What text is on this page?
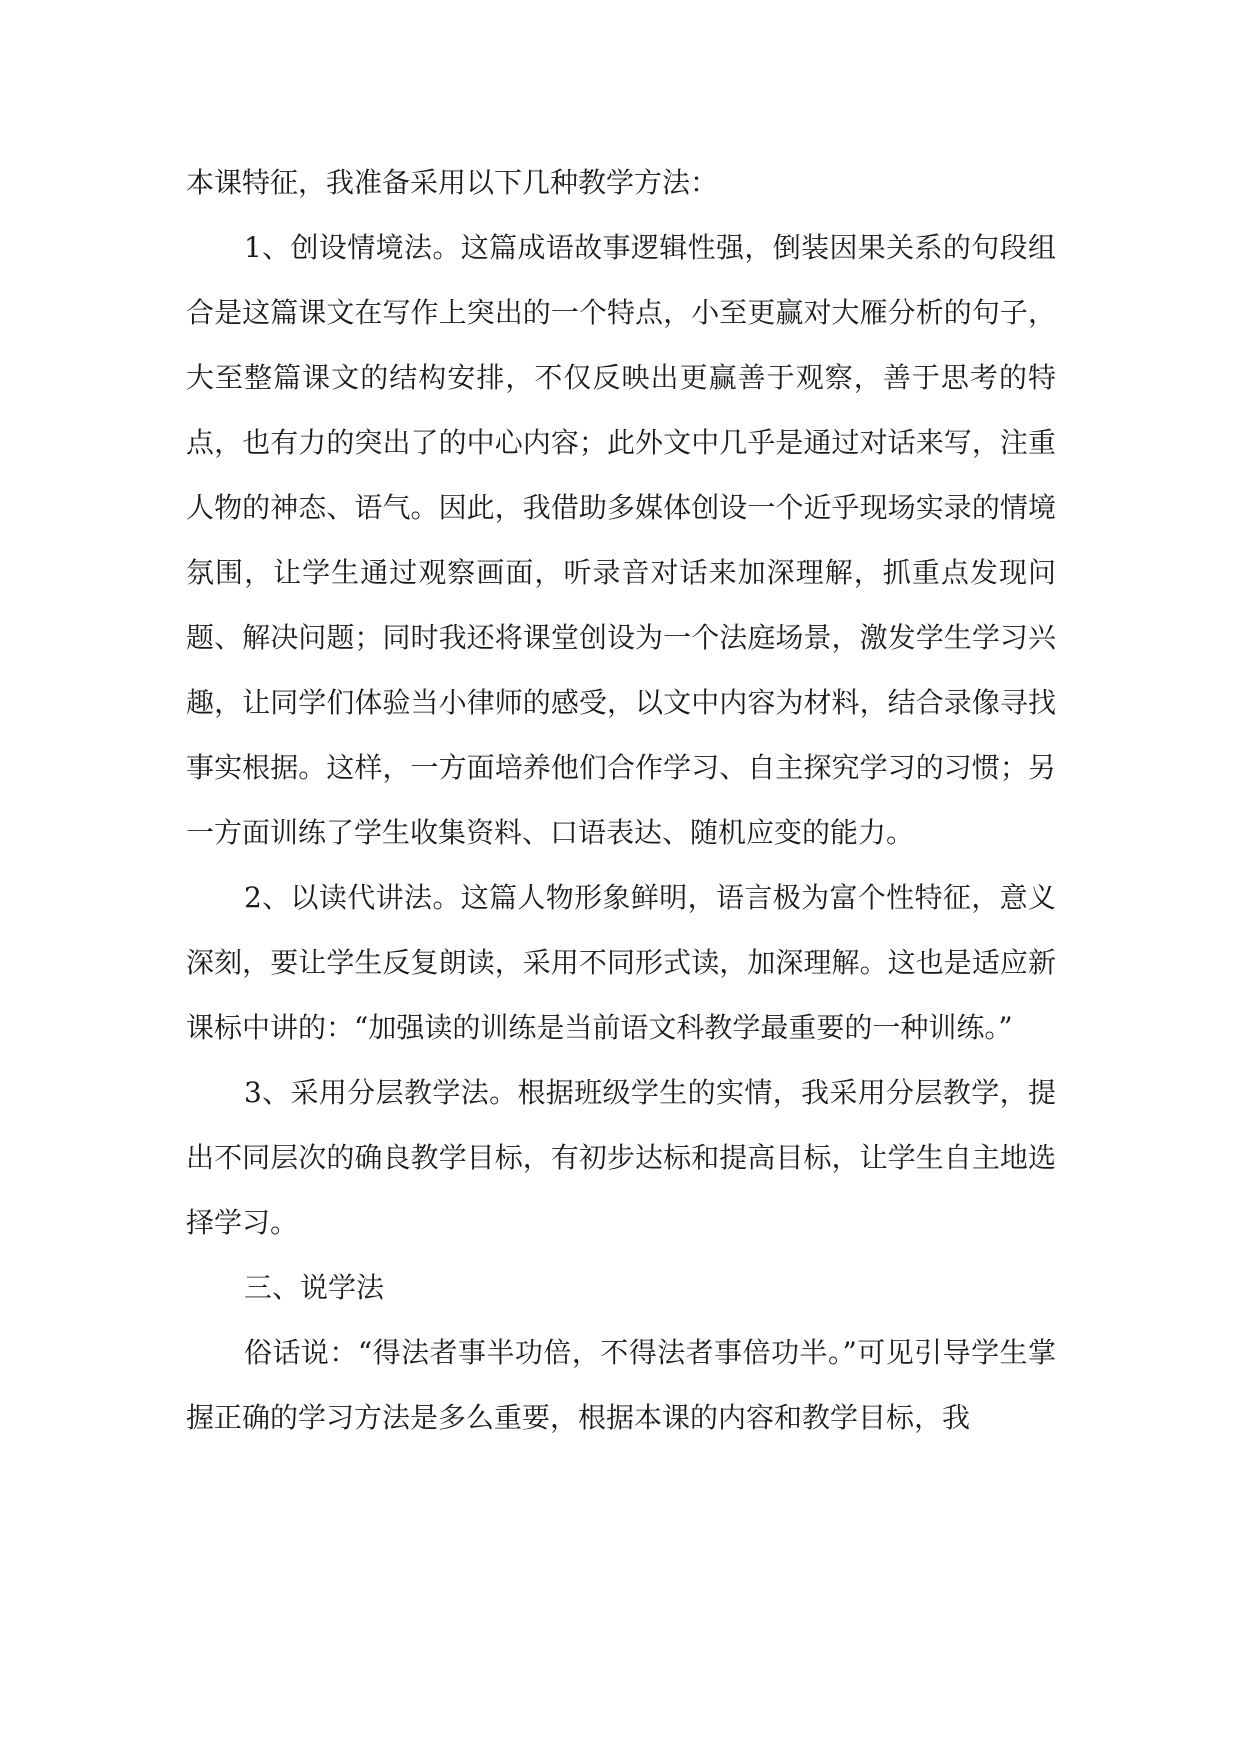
本课特征，我准备采用以下几种教学方法：

1、创设情境法。这篇成语故事逻辑性强，倒装因果关系的句段组合是这篇课文在写作上突出的一个特点，小至更赢对大雁分析的句子，大至整篇课文的结构安排，不仅反映出更赢善于观察，善于思考的特点，也有力的突出了的中心内容；此外文中几乎是通过对话来写，注重人物的神态、语气。因此，我借助多媒体创设一个近乎现场实录的情境氛围，让学生通过观察画面，听录音对话来加深理解，抓重点发现问题、解决问题；同时我还将课堂创设为一个法庭场景，激发学生学习兴趣，让同学们体验当小律师的感受，以文中内容为材料，结合录像寻找事实根据。这样，一方面培养他们合作学习、自主探究学习的习惯；另一方面训练了学生收集资料、口语表达、随机应变的能力。

2、以读代讲法。这篇人物形象鲜明，语言极为富个性特征，意义深刻，要让学生反复朗读，采用不同形式读，加深理解。这也是适应新课标中讲的：“加强读的训练是当前语文科教学最重要的一种训练。”

3、采用分层教学法。根据班级学生的实情，我采用分层教学，提出不同层次的确良教学目标，有初步达标和提高目标，让学生自主地选择学习。

三、说学法

俗话说：“得法者事半功倍，不得法者事倍功半。”可见引导学生掌握正确的学习方法是多么重要，根据本课的内容和教学目标，我
